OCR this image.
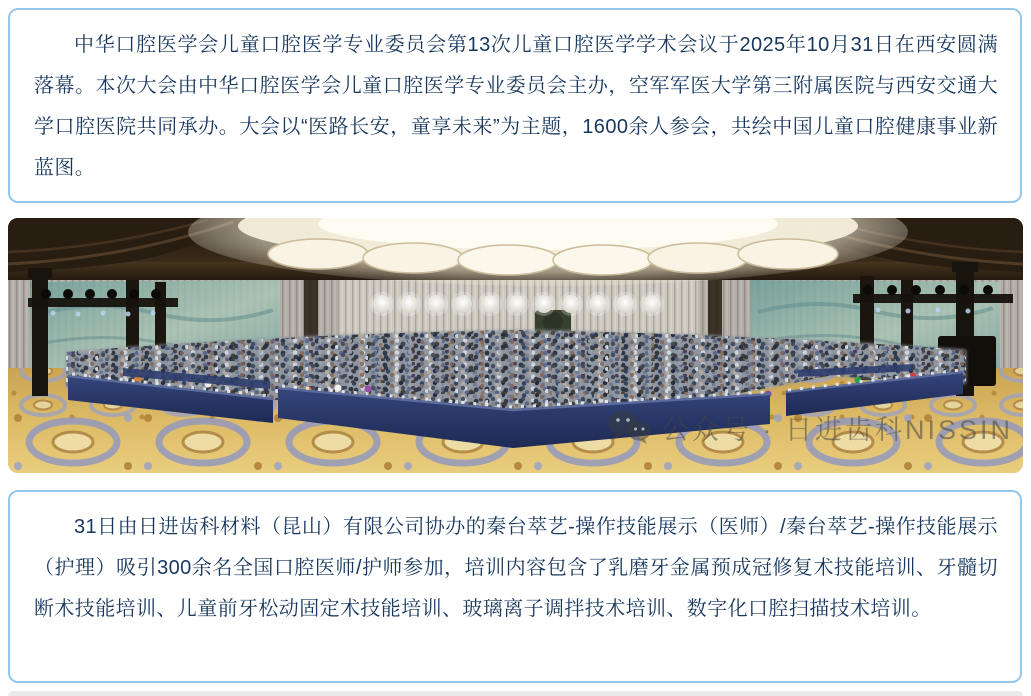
中华口腔医学会儿童口腔医学专业委员会第13次儿童口腔医学学术会议于2025年10月31日在西安圆满落幕。本次大会由中华口腔医学会儿童口腔医学专业委员会主办，空军军医大学第三附属医院与西安交通大学口腔医院共同承办。大会以“医路长安，童享未来”为主题，1600余人参会，共绘中国儿童口腔健康事业新蓝图。

公众号 · 日进齿科NISSIN

31日由日进齿科材料（昆山）有限公司协办的秦台萃艺-操作技能展示（医师）/秦台萃艺-操作技能展示（护理）吸引300余名全国口腔医师/护师参加，培训内容包含了乳磨牙金属预成冠修复术技能培训、牙髓切断术技能培训、儿童前牙松动固定术技能培训、玻璃离子调拌技术培训、数字化口腔扫描技术培训。
